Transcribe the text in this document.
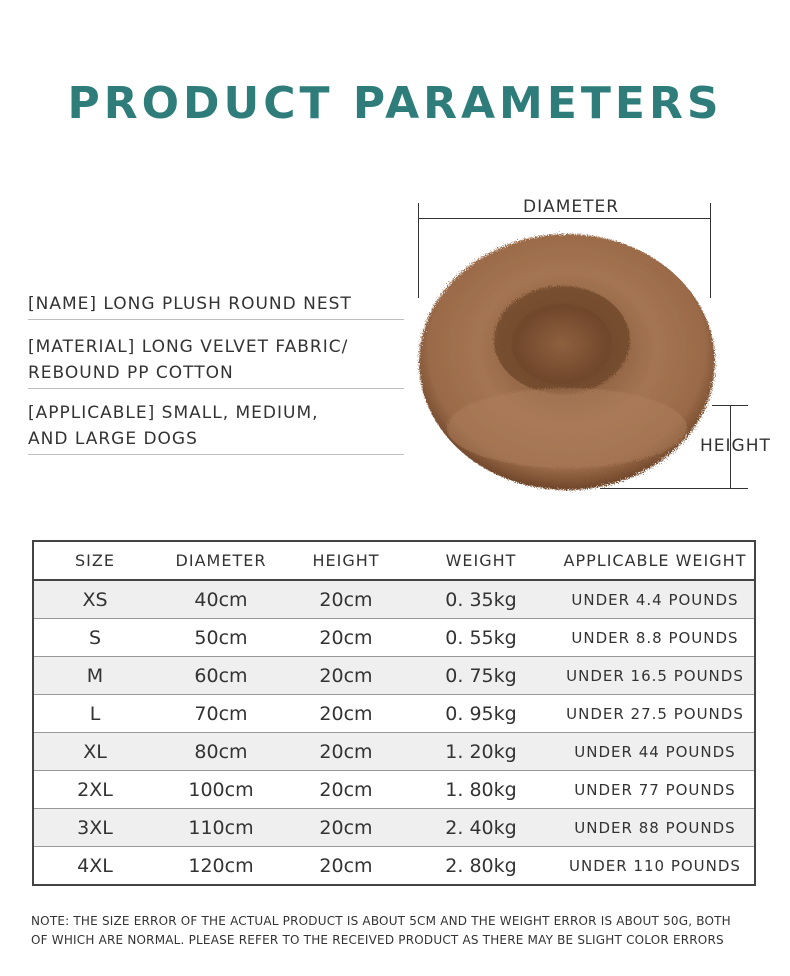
PRODUCT PARAMETERS
[NAME] LONG PLUSH ROUND NEST
[MATERIAL] LONG VELVET FABRIC/
REBOUND PP COTTON
[APPLICABLE] SMALL, MEDIUM,
AND LARGE DOGS
DIAMETER
HEIGHT
SIZE	DIAMETER	HEIGHT	WEIGHT	APPLICABLE WEIGHT
XS	40cm	20cm	0. 35kg	UNDER 4.4 POUNDS
S	50cm	20cm	0. 55kg	UNDER 8.8 POUNDS
M	60cm	20cm	0. 75kg	UNDER 16.5 POUNDS
L	70cm	20cm	0. 95kg	UNDER 27.5 POUNDS
XL	80cm	20cm	1. 20kg	UNDER 44 POUNDS
2XL	100cm	20cm	1. 80kg	UNDER 77 POUNDS
3XL	110cm	20cm	2. 40kg	UNDER 88 POUNDS
4XL	120cm	20cm	2. 80kg	UNDER 110 POUNDS
NOTE: THE SIZE ERROR OF THE ACTUAL PRODUCT IS ABOUT 5CM AND THE WEIGHT ERROR IS ABOUT 50G, BOTH
OF WHICH ARE NORMAL. PLEASE REFER TO THE RECEIVED PRODUCT AS THERE MAY BE SLIGHT COLOR ERRORS
